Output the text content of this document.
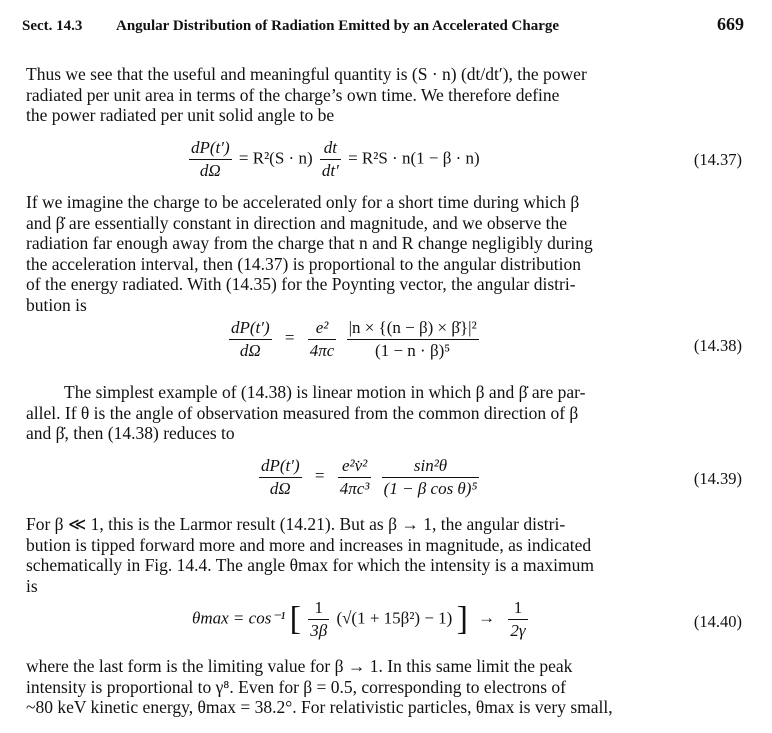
Sect. 14.3 Angular Distribution of Radiation Emitted by an Accelerated Charge	669
Thus we see that the useful and meaningful quantity is (S · n) (dt/dt′), the power
radiated per unit area in terms of the charge’s own time. We therefore define
the power radiated per unit solid angle to be
$\frac{dP(t')}{d\Omega} = R^2(S \cdot n) \frac{dt}{dt'} = R^2S \cdot n(1 - \beta \cdot n)$	(14.37)
If we imagine the charge to be accelerated only for a short time during which β
and β̇ are essentially constant in direction and magnitude, and we observe the
radiation far enough away from the charge that n and R change negligibly during
the acceleration interval, then (14.37) is proportional to the angular distribution
of the energy radiated. With (14.35) for the Poynting vector, the angular distri-
bution is
$\frac{dP(t')}{d\Omega} = \frac{\text{e²}}{4\pi c}$
$\frac{\text{|n × \{(n − β) × β̇\}|²}}{\text{(1 − n · β)⁵}}$	(14.38)
The simplest example of (14.38) is linear motion in which β and β̇ are par-
allel. If θ is the angle of observation measured from the common direction of β
and β̇, then (14.38) reduces to
$\frac{dP(t')}{d\Omega} = \frac{\text{e²v̇²}}{\text{4πc³}}$
$\frac{\text{sin²θ}}{\text{(1 − β cos θ)⁵}}$	(14.39)
For β ≪ 1, this is the Larmor result (14.21). But as β → 1, the angular distri-
bution is tipped forward more and more and increases in magnitude, as indicated
schematically in Fig. 14.4. The angle θmax for which the intensity is a maximum
is
θmax = cos⁻¹ [ $\frac{1}{3\beta} (√(1 + 15\beta^2) - 1)$ ] → $\frac{1}{2\gamma}$	(14.40)
where the last form is the limiting value for β → 1. In this same limit the peak
intensity is proportional to γ⁸. Even for β = 0.5, corresponding to electrons of
~80 keV kinetic energy, θmax = 38.2°. For relativistic particles, θmax is very small,
